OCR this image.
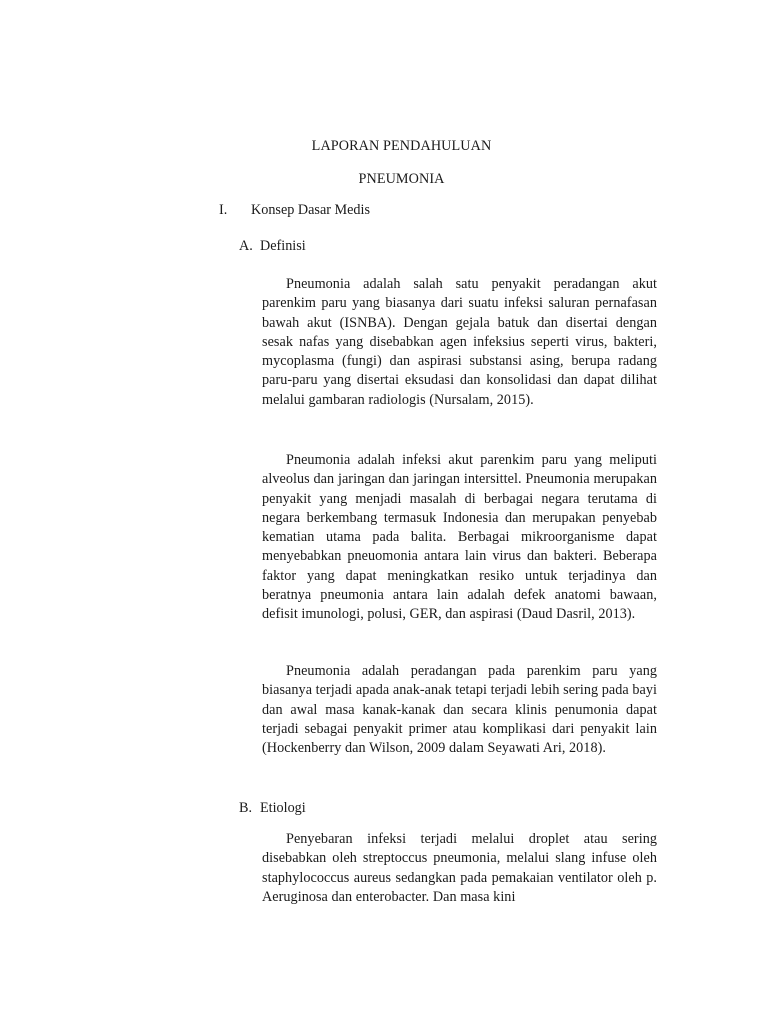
LAPORAN PENDAHULUAN
PNEUMONIA
I. Konsep Dasar Medis
A. Definisi

Pneumonia adalah salah satu penyakit peradangan akut parenkim paru yang biasanya dari suatu infeksi saluran pernafasan bawah akut (ISNBA). Dengan gejala batuk dan disertai dengan sesak nafas yang disebabkan agen infeksius seperti virus, bakteri, mycoplasma (fungi) dan aspirasi substansi asing, berupa radang paru-paru yang disertai eksudasi dan konsolidasi dan dapat dilihat melalui gambaran radiologis (Nursalam, 2015).

Pneumonia adalah infeksi akut parenkim paru yang meliputi alveolus dan jaringan dan jaringan intersittel. Pneumonia merupakan penyakit yang menjadi masalah di berbagai negara terutama di negara berkembang termasuk Indonesia dan merupakan penyebab kematian utama pada balita. Berbagai mikroorganisme dapat menyebabkan pneuomonia antara lain virus dan bakteri. Beberapa faktor yang dapat meningkatkan resiko untuk terjadinya dan beratnya pneumonia antara lain adalah defek anatomi bawaan, defisit imunologi, polusi, GER, dan aspirasi (Daud Dasril, 2013).

Pneumonia adalah peradangan pada parenkim paru yang biasanya terjadi apada anak-anak tetapi terjadi lebih sering pada bayi dan awal masa kanak-kanak dan secara klinis penumonia dapat terjadi sebagai penyakit primer atau komplikasi dari penyakit lain (Hockenberry dan Wilson, 2009 dalam Seyawati Ari, 2018).

B. Etiologi

Penyebaran infeksi terjadi melalui droplet atau sering disebabkan oleh streptoccus pneumonia, melalui slang infuse oleh staphylococcus aureus sedangkan pada pemakaian ventilator oleh p. Aeruginosa dan enterobacter. Dan masa kini
